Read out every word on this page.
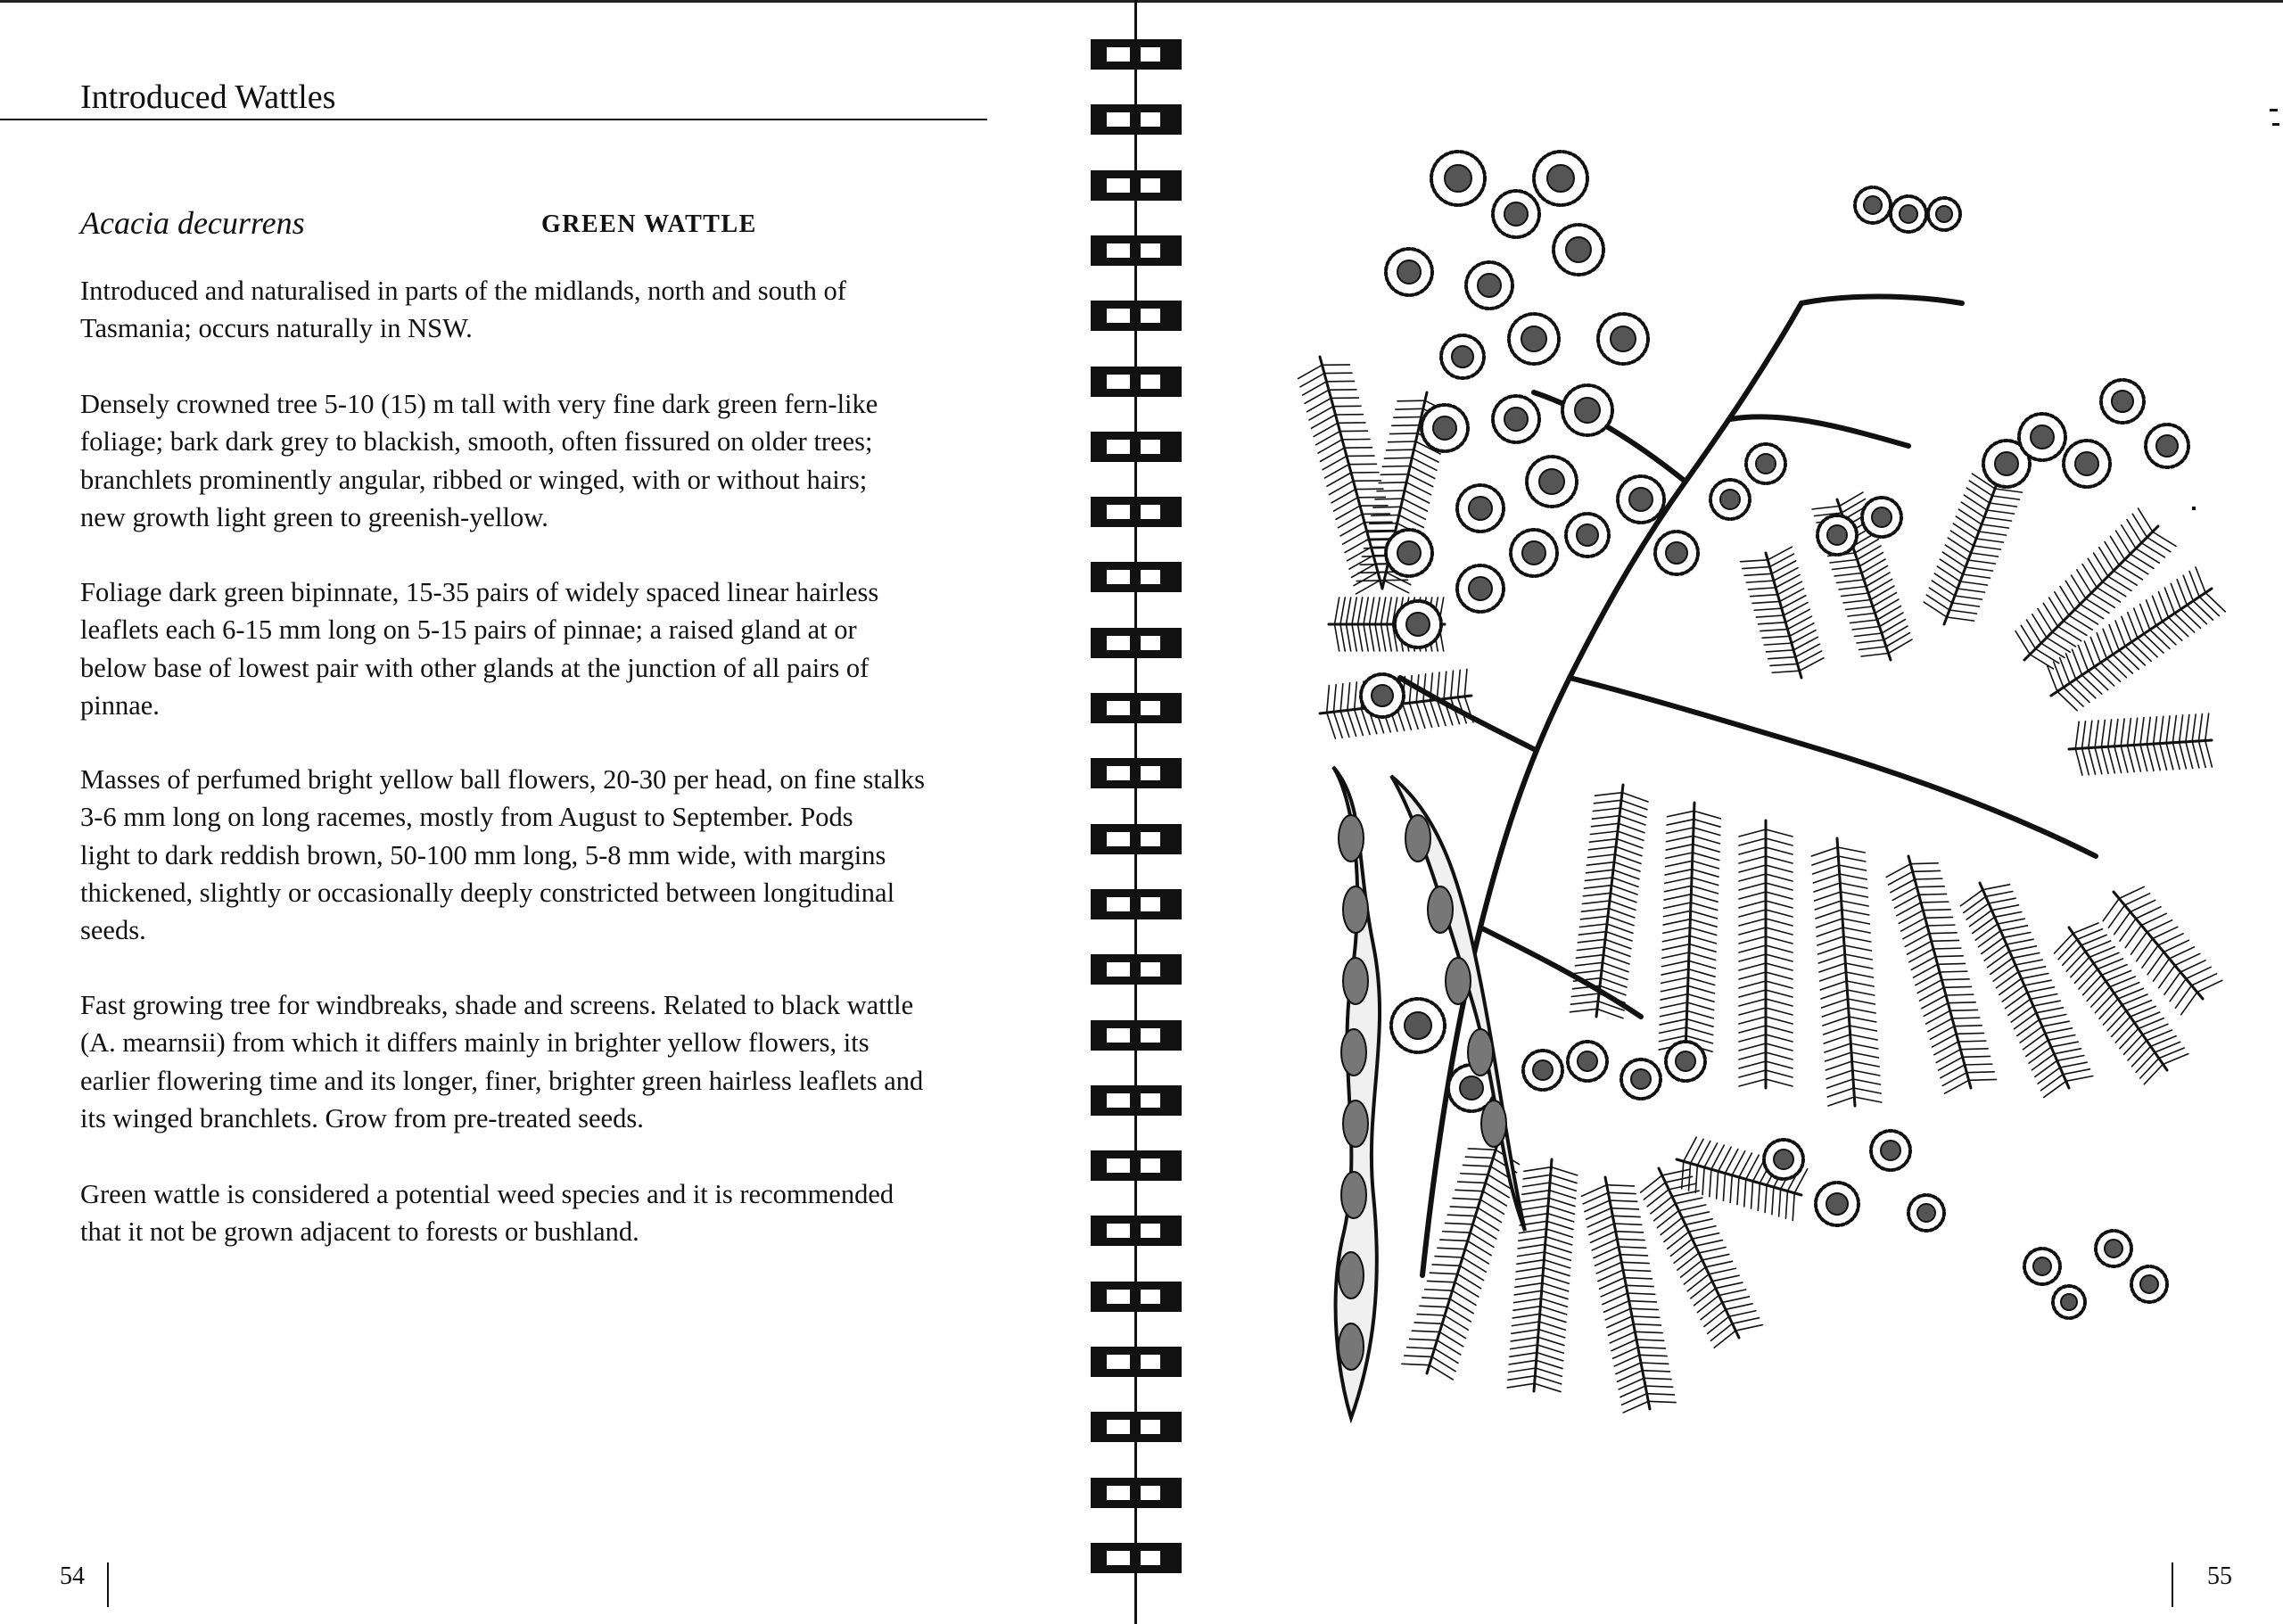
Introduced Wattles
Acacia decurrens	GREEN WATTLE

Introduced and naturalised in parts of the midlands, north and south of
Tasmania; occurs naturally in NSW.

Densely crowned tree 5-10 (15) m tall with very fine dark green fern-like
foliage; bark dark grey to blackish, smooth, often fissured on older trees;
branchlets prominently angular, ribbed or winged, with or without hairs;
new growth light green to greenish-yellow.

Foliage dark green bipinnate, 15-35 pairs of widely spaced linear hairless
leaflets each 6-15 mm long on 5-15 pairs of pinnae; a raised gland at or
below base of lowest pair with other glands at the junction of all pairs of
pinnae.

Masses of perfumed bright yellow ball flowers, 20-30 per head, on fine stalks
3-6 mm long on long racemes, mostly from August to September. Pods
light to dark reddish brown, 50-100 mm long, 5-8 mm wide, with margins
thickened, slightly or occasionally deeply constricted between longitudinal
seeds.

Fast growing tree for windbreaks, shade and screens. Related to black wattle
(A. mearnsii) from which it differs mainly in brighter yellow flowers, its
earlier flowering time and its longer, finer, brighter green hairless leaflets and
its winged branchlets. Grow from pre-treated seeds.

Green wattle is considered a potential weed species and it is recommended
that it not be grown adjacent to forests or bushland.

54	55
